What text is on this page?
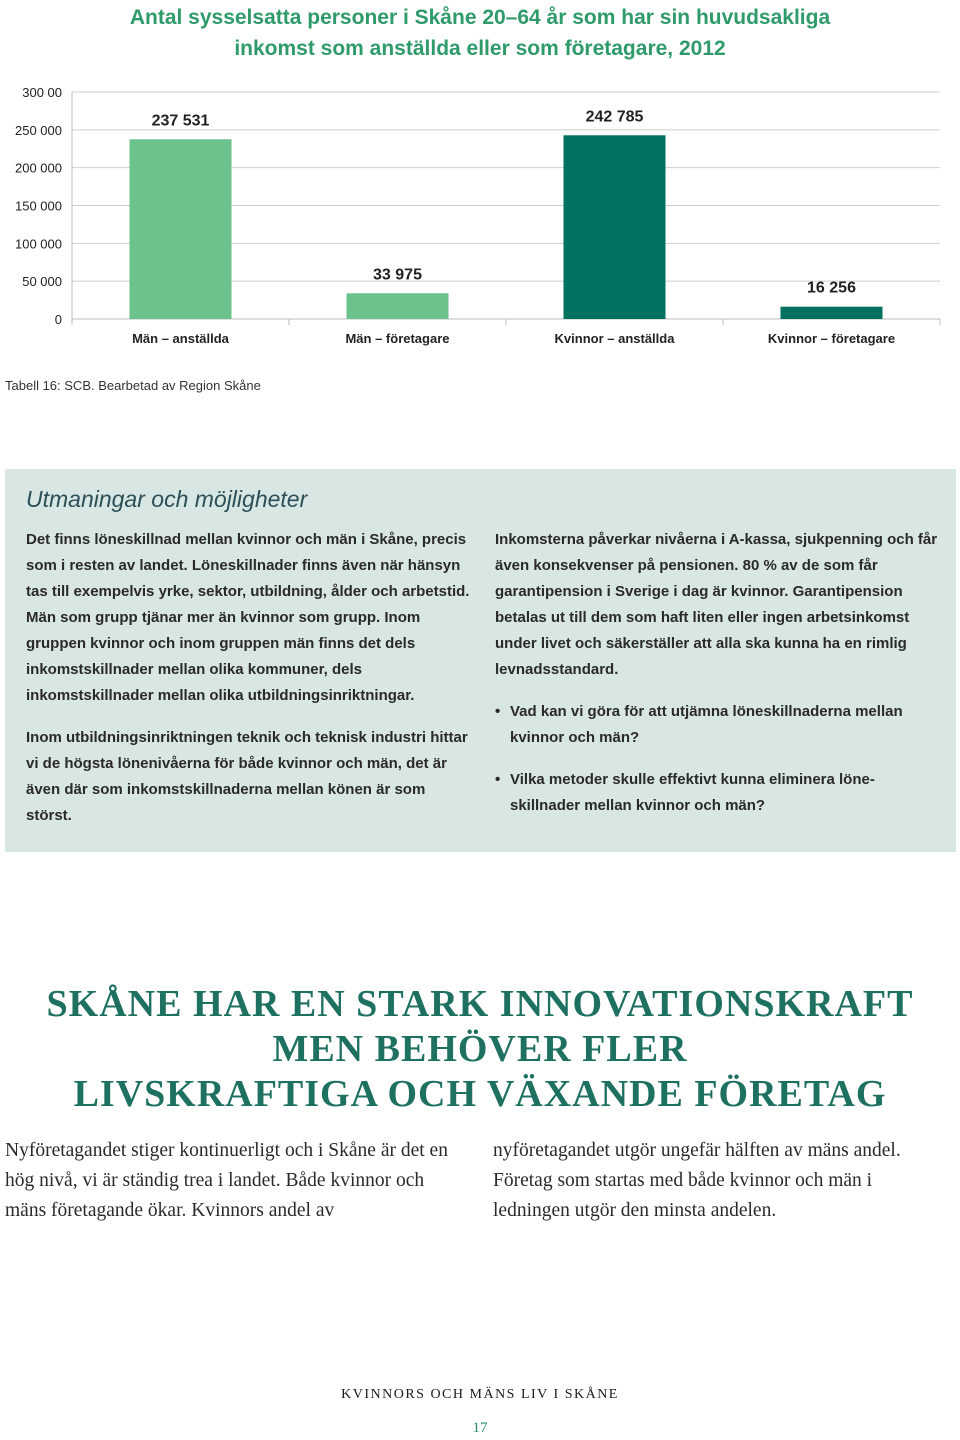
Antal sysselsatta personer i Skåne 20–64 år som har sin huvudsakliga
inkomst som anställda eller som företagare, 2012
0
50 000
100 000
150 000
200 000
250 000
300 00
237 531
Män – anställda
33 975
Män – företagare
242 785
Kvinnor – anställda
16 256
Kvinnor – företagare
Tabell 16: SCB. Bearbetad av Region Skåne
Utmaningar och möjligheter

Det finns löneskillnad mellan kvinnor och män i Skåne, precis som i resten av landet. Löneskillnader finns även när hänsyn tas till exempelvis yrke, sektor, utbildning, ålder och arbetstid. Män som grupp tjänar mer än kvinnor som grupp. Inom gruppen kvinnor och inom gruppen män finns det dels inkomstskillnader mellan olika kommuner, dels inkomstskillnader mellan olika utbildningsinriktningar.

Inom utbildningsinriktningen teknik och teknisk industri hittar vi de högsta lönenivåerna för både kvinnor och män, det är även där som inkomstskillnaderna mellan könen är som störst.

Inkomsterna påverkar nivåerna i A-kassa, sjukpenning och får även konsekvenser på pensionen. 80 % av de som får garantipension i Sverige i dag är kvinnor. Garantipension betalas ut till dem som haft liten eller ingen arbetsinkomst under livet och säkerställer att alla ska kunna ha en rimlig levnadsstandard.

• Vad kan vi göra för att utjämna löneskillnaderna mellan kvinnor och män?
• Vilka metoder skulle effektivt kunna eliminera löne-skillnader mellan kvinnor och män?
SKÅNE HAR EN STARK INNOVATIONSKRAFT
MEN BEHÖVER FLER
LIVSKRAFTIGA OCH VÄXANDE FÖRETAG
Nyföretagandet stiger kontinuerligt och i Skåne är det en hög nivå, vi är ständig trea i landet. Både kvinnor och mäns företagande ökar. Kvinnors andel av
nyföretagandet utgör ungefär hälften av mäns andel. Företag som startas med både kvinnor och män i ledningen utgör den minsta andelen.
KVINNORS OCH MÄNS LIV I SKÅNE
17
